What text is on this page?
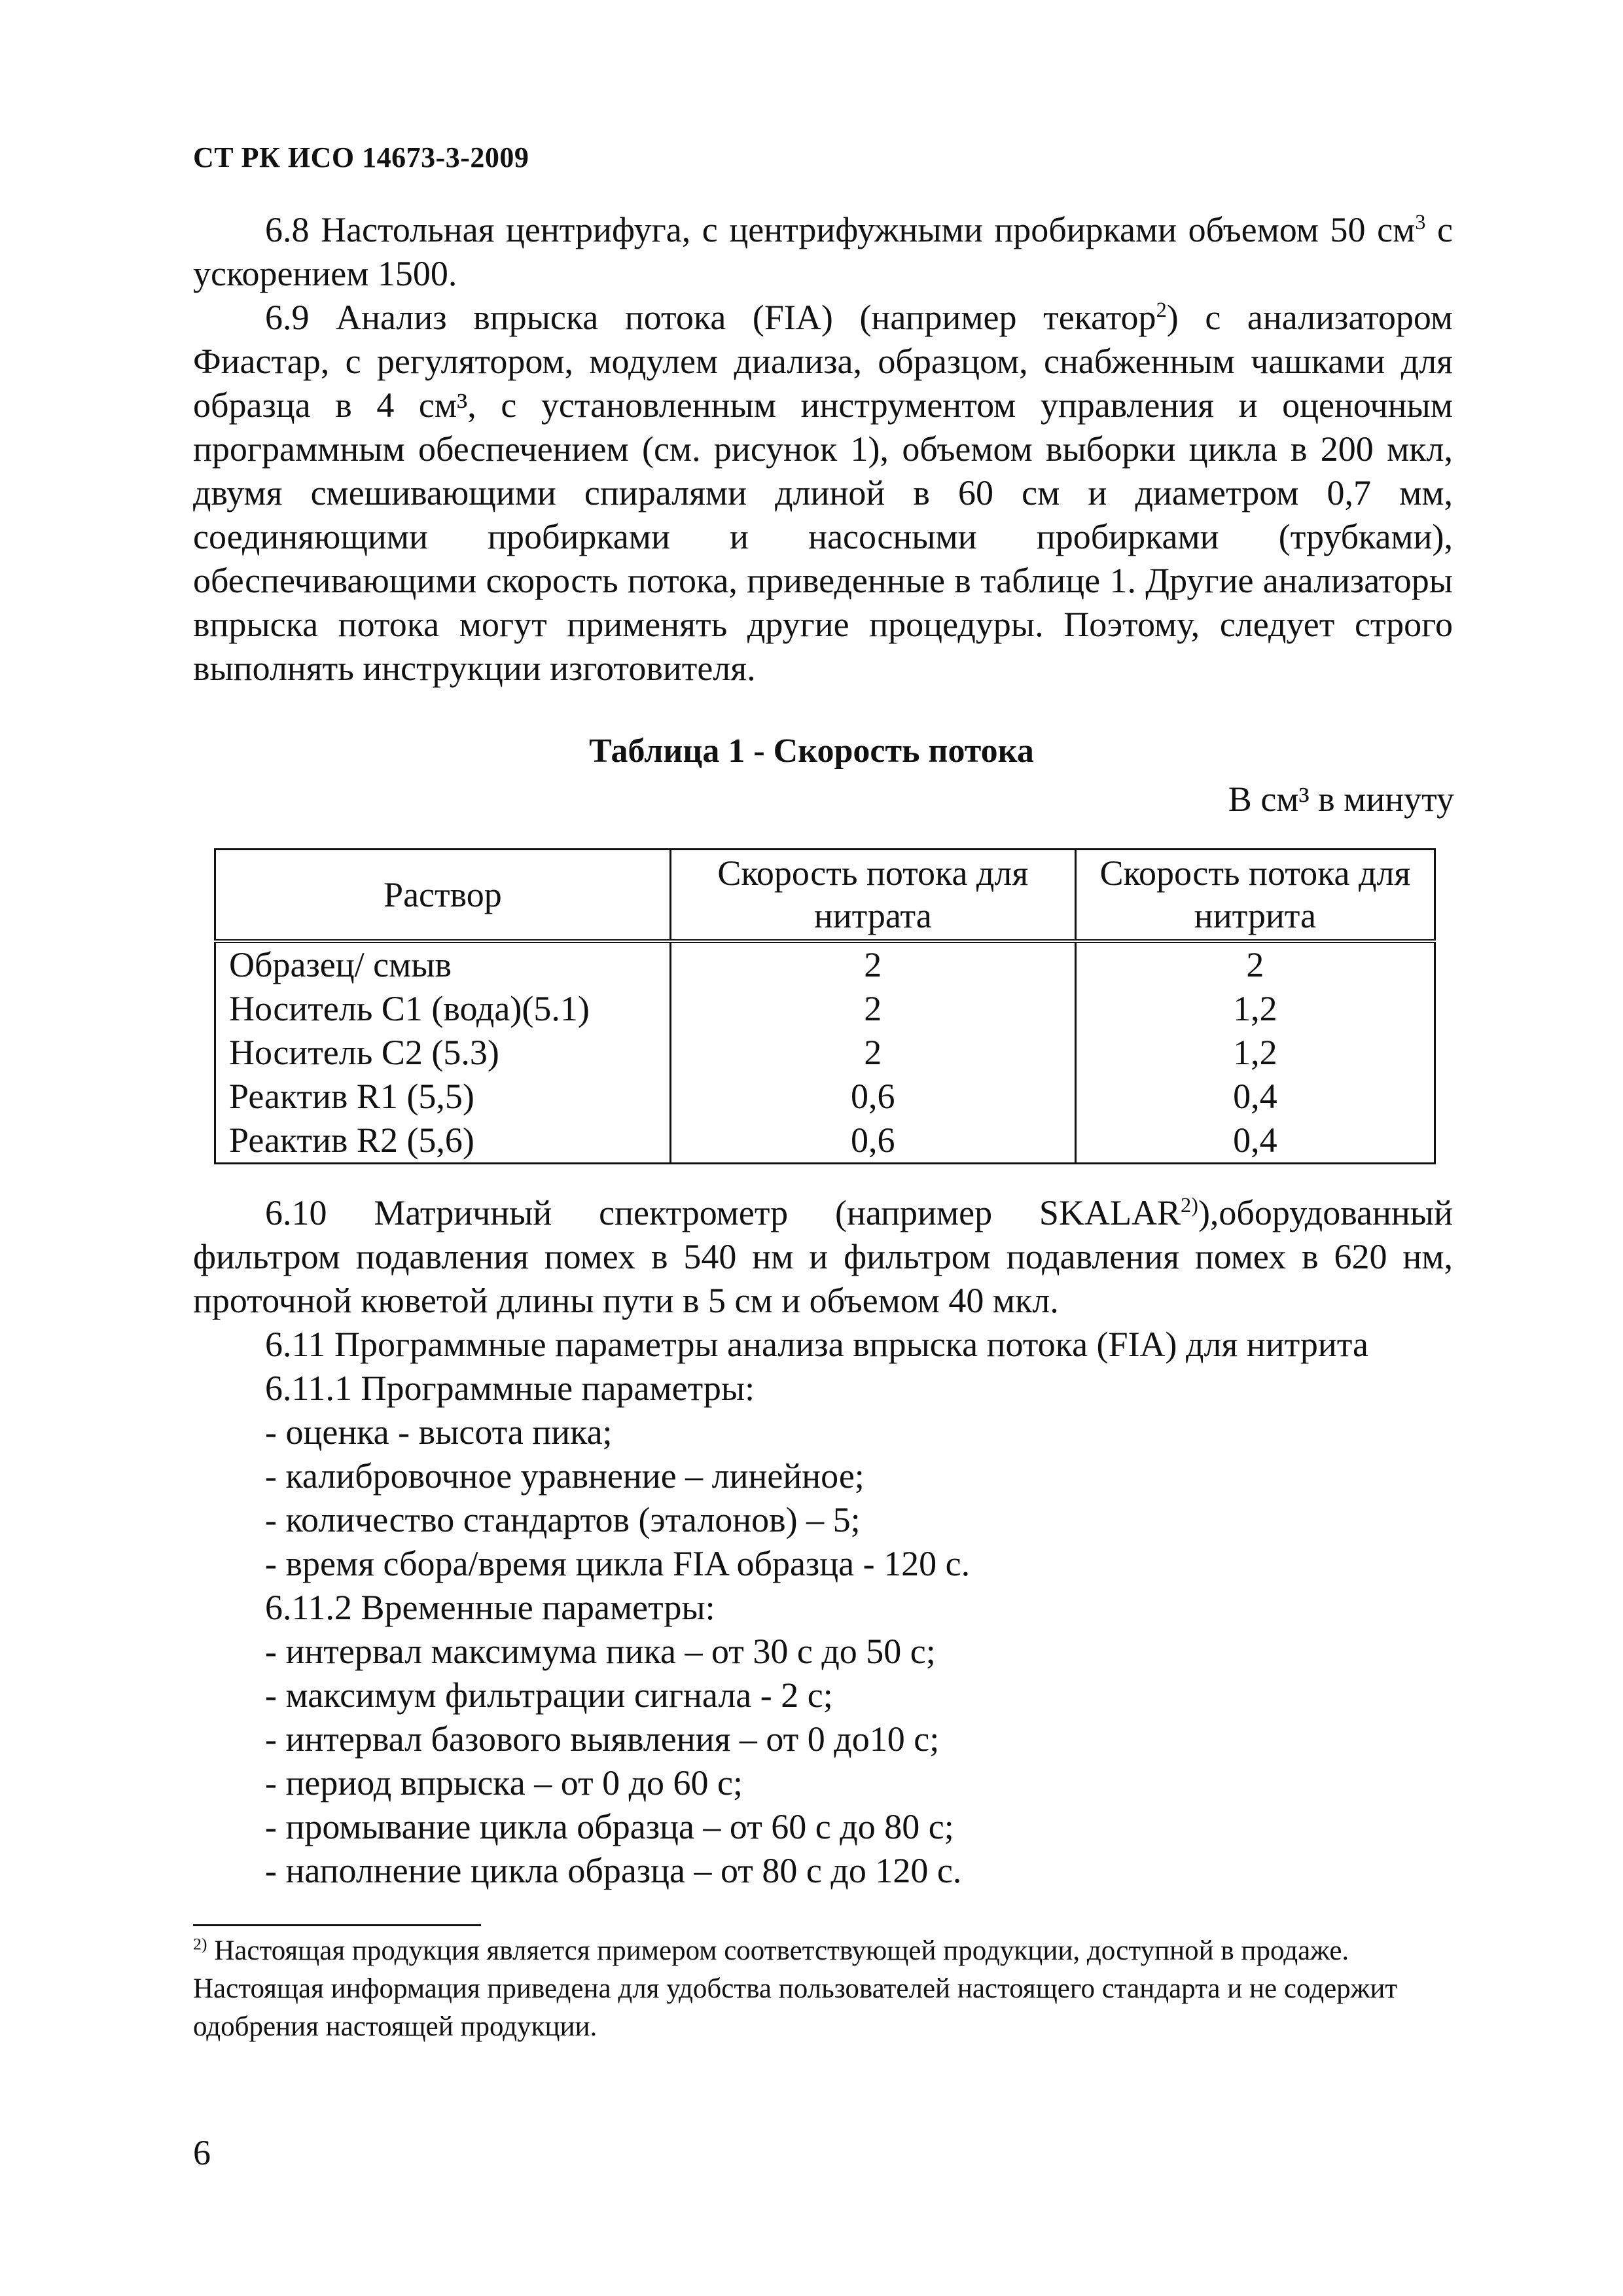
СТ РК ИСО 14673-3-2009

6.8 Настольная центрифуга, с центрифужными пробирками объемом 50 $см^3$ с ускорением 1500.

6.9 Анализ впрыска потока (FIA) (например текатор$^2$) с анализатором Фиастар, с регулятором, модулем диализа, образцом, снабженным чашками для образца в 4 см³, с установленным инструментом управления и оценочным программным обеспечением (см. рисунок 1), объемом выборки цикла в 200 мкл, двумя смешивающими спиралями длиной в 60 см и диаметром 0,7 мм, соединяющими пробирками и насосными пробирками (трубками), обеспечивающими скорость потока, приведенные в таблице 1. Другие анализаторы впрыска потока могут применять другие процедуры. Поэтому, следует строго выполнять инструкции изготовителя.

Таблица 1 - Скорость потока
В см³ в минуту
Раствор	Скорость потока для нитрата	Скорость потока для нитрита
Образец/ смыв	2	2
Носитель С1 (вода)(5.1)	2	1,2
Носитель С2 (5.3)	2	1,2
Реактив R1 (5,5)	0,6	0,4
Реактив R2 (5,6)	0,6	0,4

6.10 Матричный спектрометр (например SKALAR$^{2)}$),оборудованный фильтром подавления помех в 540 нм и фильтром подавления помех в 620 нм, проточной кюветой длины пути в 5 см и объемом 40 мкл.

6.11 Программные параметры анализа впрыска потока (FIA) для нитрита

6.11.1 Программные параметры:

- оценка - высота пика;

- калибровочное уравнение – линейное;

- количество стандартов (эталонов) – 5;

- время сбора/время цикла FIA образца - 120 с.

6.11.2 Временные параметры:

- интервал максимума пика – от 30 с до 50 с;

- максимум фильтрации сигнала - 2 с;

- интервал базового выявления – от 0 до10 с;

- период впрыска – от 0 до 60 с;

- промывание цикла образца – от 60 с до 80 с;

- наполнение цикла образца – от 80 с до 120 с.

$^{2)}$ Настоящая продукция является примером соответствующей продукции, доступной в продаже. Настоящая информация приведена для удобства пользователей настоящего стандарта и не содержит одобрения настоящей продукции.
6
